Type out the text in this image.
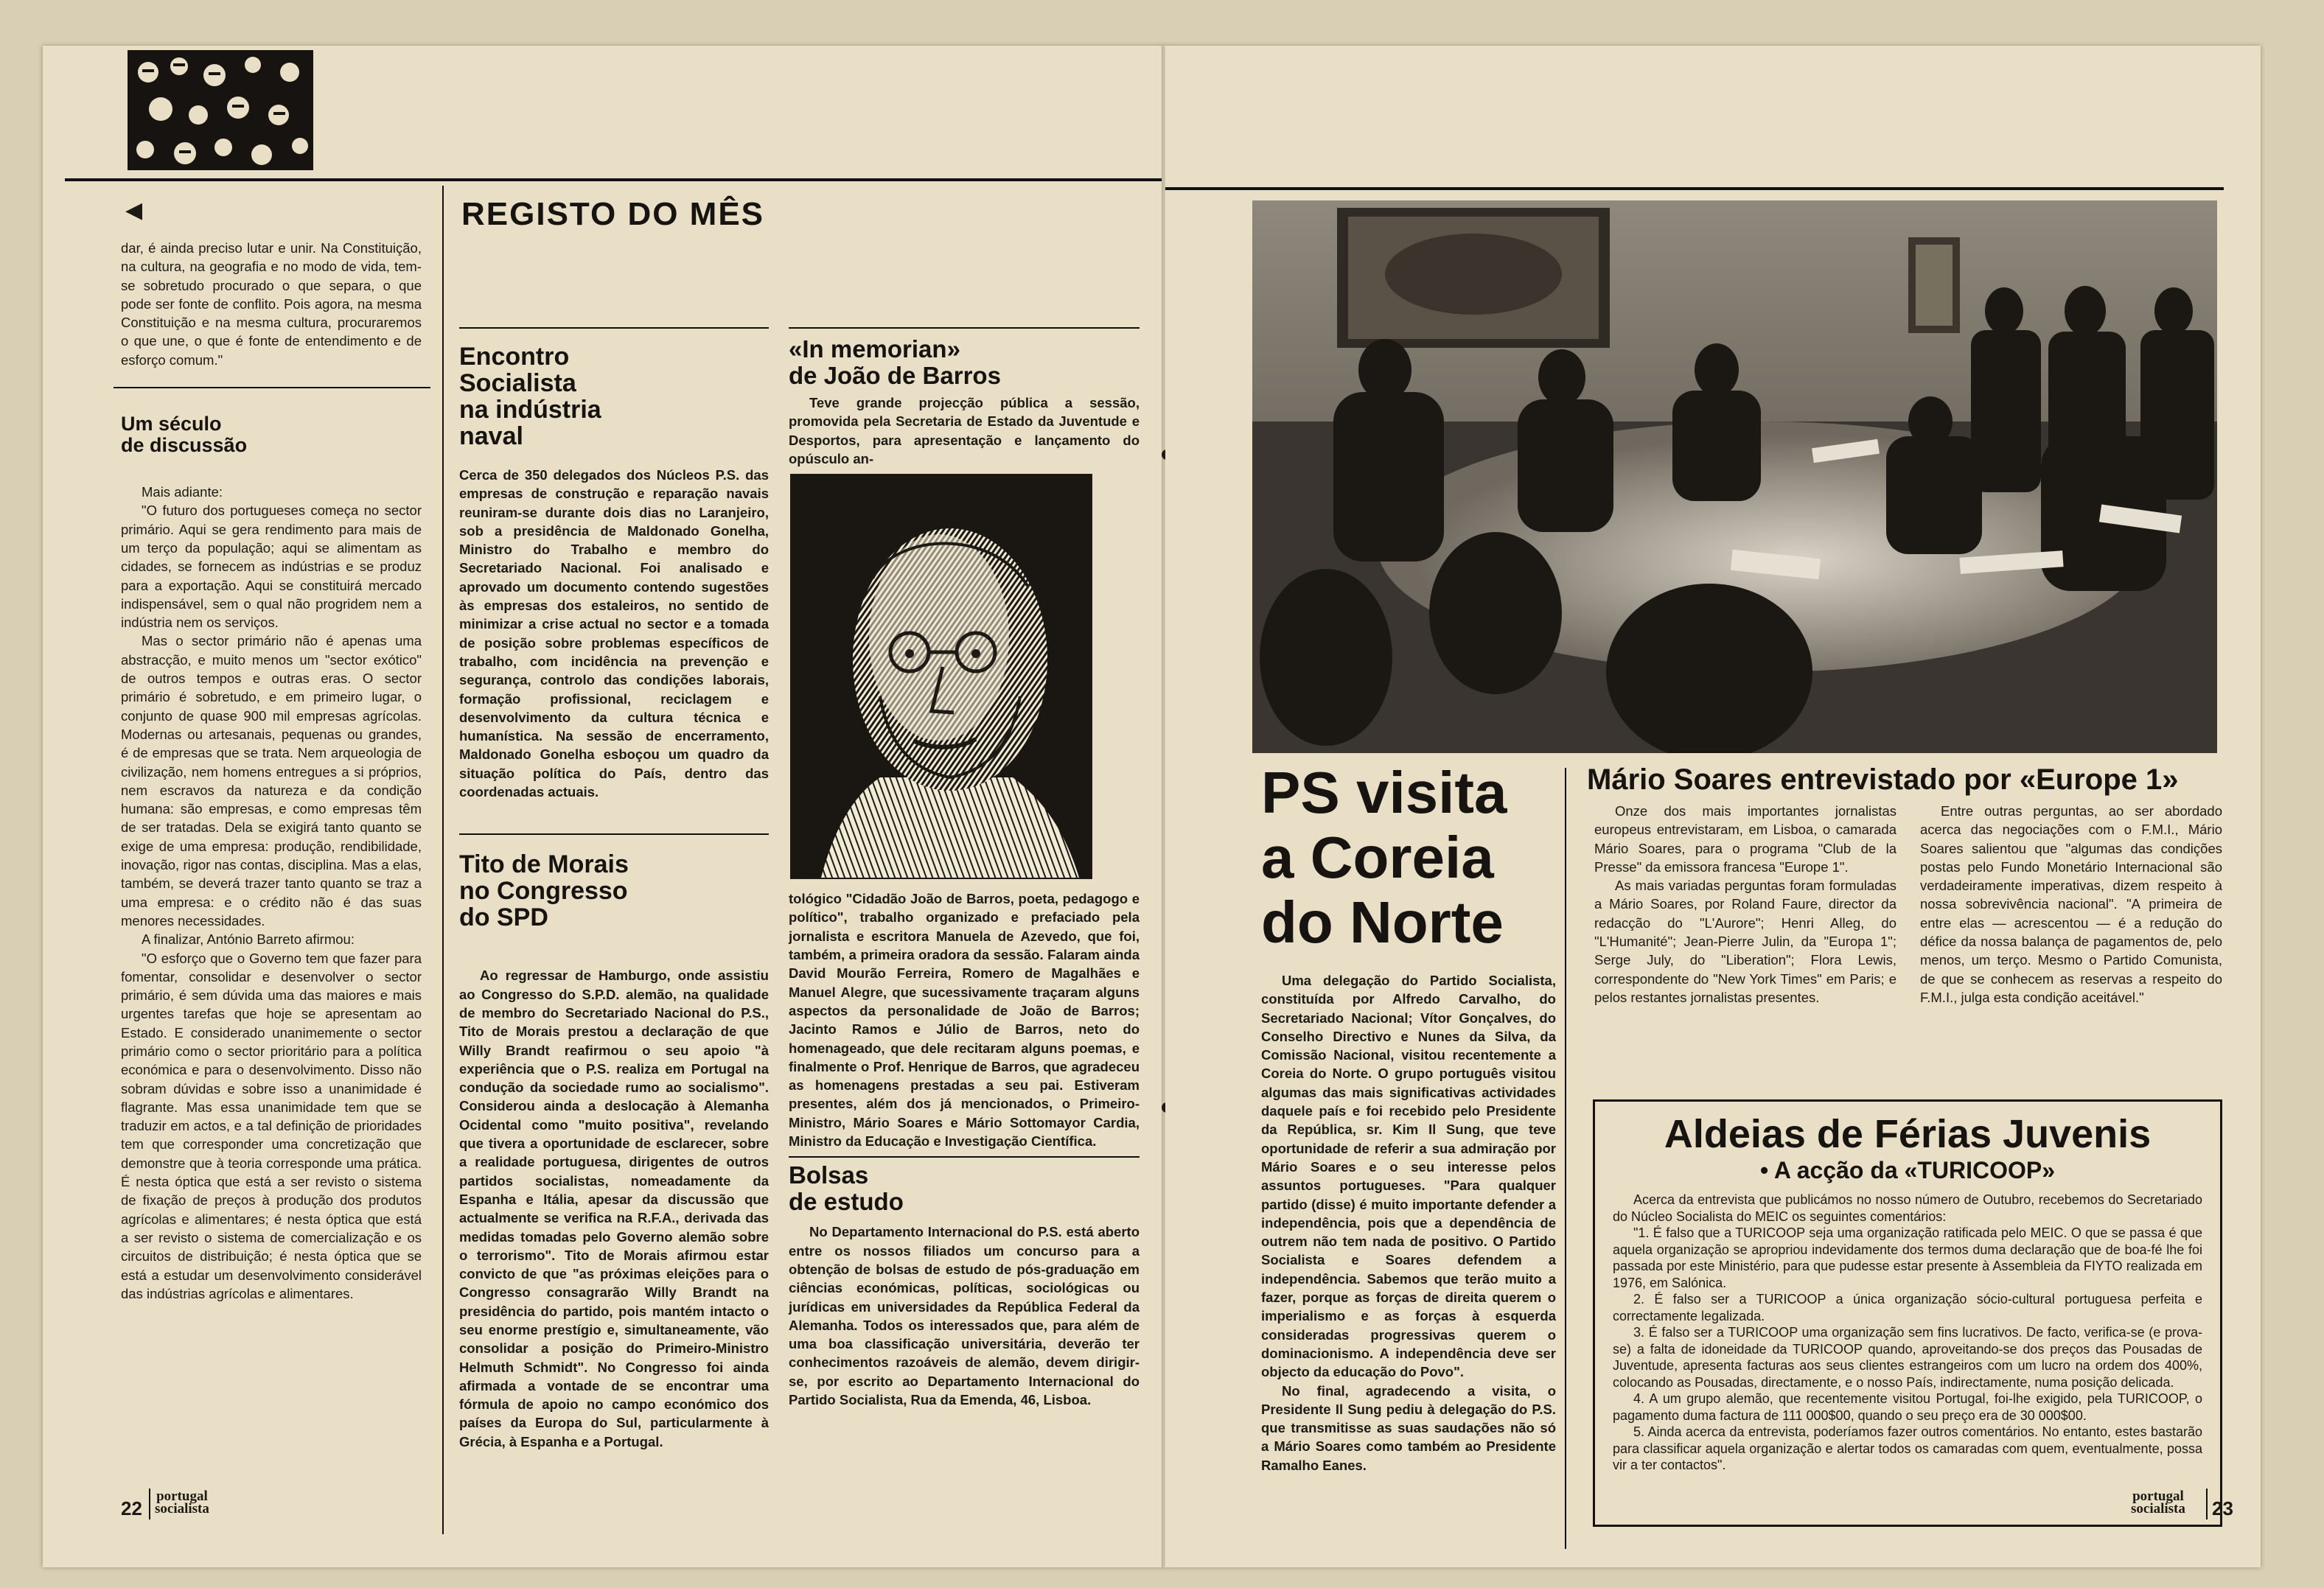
◀	REGISTO DO MÊS

dar, é ainda preciso lutar e unir. Na Constituição, na cultura, na geografia e no modo de vida, tem-se sobretudo procurado o que separa, o que pode ser fonte de conflito. Pois agora, na mesma Constituição e na mesma cultura, procuraremos o que une, o que é fonte de entendimento e de esforço comum."

Um século
de discussão

Mais adiante:

"O futuro dos portugueses começa no sector primário. Aqui se gera rendimento para mais de um terço da população; aqui se alimentam as cidades, se fornecem as indústrias e se produz para a exportação. Aqui se constituirá mercado indispensável, sem o qual não progridem nem a indústria nem os serviços.

Mas o sector primário não é apenas uma abstracção, e muito menos um "sector exótico" de outros tempos e outras eras. O sector primário é sobretudo, e em primeiro lugar, o conjunto de quase 900 mil empresas agrícolas. Modernas ou artesanais, pequenas ou grandes, é de empresas que se trata. Nem arqueologia de civilização, nem homens entregues a si próprios, nem escravos da natureza e da condição humana: são empresas, e como empresas têm de ser tratadas. Dela se exigirá tanto quanto se exige de uma empresa: produção, rendibilidade, inovação, rigor nas contas, disciplina. Mas a elas, também, se deverá trazer tanto quanto se traz a uma empresa: e o crédito não é das suas menores necessidades.

A finalizar, António Barreto afirmou:

"O esforço que o Governo tem que fazer para fomentar, consolidar e desenvolver o sector primário, é sem dúvida uma das maiores e mais urgentes tarefas que hoje se apresentam ao Estado. E considerado unanimemente o sector primário como o sector prioritário para a política económica e para o desenvolvimento. Disso não sobram dúvidas e sobre isso a unanimidade é flagrante. Mas essa unanimidade tem que se traduzir em actos, e a tal definição de prioridades tem que corresponder uma concretização que demonstre que à teoria corresponde uma prática. É nesta óptica que está a ser revisto o sistema de fixação de preços à produção dos produtos agrícolas e alimentares; é nesta óptica que está a ser revisto o sistema de comercialização e os circuitos de distribuição; é nesta óptica que se está a estudar um desenvolvimento considerável das indústrias agrícolas e alimentares.

Encontro
Socialista
na indústria
naval

Cerca de 350 delegados dos Núcleos P.S. das empresas de construção e reparação navais reuniram-se durante dois dias no Laranjeiro, sob a presidência de Maldonado Gonelha, Ministro do Trabalho e membro do Secretariado Nacional. Foi analisado e aprovado um documento contendo sugestões às empresas dos estaleiros, no sentido de minimizar a crise actual no sector e a tomada de posição sobre problemas específicos de trabalho, com incidência na prevenção e segurança, controlo das condições laborais, formação profissional, reciclagem e desenvolvimento da cultura técnica e humanística. Na sessão de encerramento, Maldonado Gonelha esboçou um quadro da situação política do País, dentro das coordenadas actuais.

Tito de Morais
no Congresso
do SPD

Ao regressar de Hamburgo, onde assistiu ao Congresso do S.P.D. alemão, na qualidade de membro do Secretariado Nacional do P.S., Tito de Morais prestou a declaração de que Willy Brandt reafirmou o seu apoio "à experiência que o P.S. realiza em Portugal na condução da sociedade rumo ao socialismo". Considerou ainda a deslocação à Alemanha Ocidental como "muito positiva", revelando que tivera a oportunidade de esclarecer, sobre a realidade portuguesa, dirigentes de outros partidos socialistas, nomeadamente da Espanha e Itália, apesar da discussão que actualmente se verifica na R.F.A., derivada das medidas tomadas pelo Governo alemão sobre o terrorismo". Tito de Morais afirmou estar convicto de que "as próximas eleições para o Congresso consagrarão Willy Brandt na presidência do partido, pois mantém intacto o seu enorme prestígio e, simultaneamente, vão consolidar a posição do Primeiro-Ministro Helmuth Schmidt". No Congresso foi ainda afirmada a vontade de se encontrar uma fórmula de apoio no campo económico dos países da Europa do Sul, particularmente à Grécia, à Espanha e a Portugal.

«In memorian»
de João de Barros

Teve grande projecção pública a sessão, promovida pela Secretaria de Estado da Juventude e Desportos, para apresentação e lançamento do opúsculo an-

tológico "Cidadão João de Barros, poeta, pedagogo e político", trabalho organizado e prefaciado pela jornalista e escritora Manuela de Azevedo, que foi, também, a primeira oradora da sessão. Falaram ainda David Mourão Ferreira, Romero de Magalhães e Manuel Alegre, que sucessivamente traçaram alguns aspectos da personalidade de João de Barros; Jacinto Ramos e Júlio de Barros, neto do homenageado, que dele recitaram alguns poemas, e finalmente o Prof. Henrique de Barros, que agradeceu as homenagens prestadas a seu pai. Estiveram presentes, além dos já mencionados, o Primeiro-Ministro, Mário Soares e Mário Sottomayor Cardia, Ministro da Educação e Investigação Científica.

Bolsas
de estudo

No Departamento Internacional do P.S. está aberto entre os nossos filiados um concurso para a obtenção de bolsas de estudo de pós-graduação em ciências económicas, políticas, sociológicas ou jurídicas em universidades da República Federal da Alemanha. Todos os interessados que, para além de uma boa classificação universitária, deverão ter conhecimentos razoáveis de alemão, devem dirigir-se, por escrito ao Departamento Internacional do Partido Socialista, Rua da Emenda, 46, Lisboa.

22
portugal
socialista
PS visita
a Coreia
do Norte

Uma delegação do Partido Socialista, constituída por Alfredo Carvalho, do Secretariado Nacional; Vítor Gonçalves, do Conselho Directivo e Nunes da Silva, da Comissão Nacional, visitou recentemente a Coreia do Norte. O grupo português visitou algumas das mais significativas actividades daquele país e foi recebido pelo Presidente da República, sr. Kim Il Sung, que teve oportunidade de referir a sua admiração por Mário Soares e o seu interesse pelos assuntos portugueses. "Para qualquer partido (disse) é muito importante defender a independência, pois que a dependência de outrem não tem nada de positivo. O Partido Socialista e Soares defendem a independência. Sabemos que terão muito a fazer, porque as forças de direita querem o imperialismo e as forças à esquerda consideradas progressivas querem o dominacionismo. A independência deve ser objecto da educação do Povo".

No final, agradecendo a visita, o Presidente Il Sung pediu à delegação do P.S. que transmitisse as suas saudações não só a Mário Soares como também ao Presidente Ramalho Eanes.

Mário Soares entrevistado por «Europe 1»

Onze dos mais importantes jornalistas europeus entrevistaram, em Lisboa, o camarada Mário Soares, para o programa "Club de la Presse" da emissora francesa "Europe 1".

As mais variadas perguntas foram formuladas a Mário Soares, por Roland Faure, director da redacção do "L'Aurore"; Henri Alleg, do "L'Humanité"; Jean-Pierre Julin, da "Europa 1"; Serge July, do "Liberation"; Flora Lewis, correspondente do "New York Times" em Paris; e pelos restantes jornalistas presentes.

Entre outras perguntas, ao ser abordado acerca das negociações com o F.M.I., Mário Soares salientou que "algumas das condições postas pelo Fundo Monetário Internacional são verdadeiramente imperativas, dizem respeito à nossa sobrevivência nacional". "A primeira de entre elas — acrescentou — é a redução do défice da nossa balança de pagamentos de, pelo menos, um terço. Mesmo o Partido Comunista, de que se conhecem as reservas a respeito do F.M.I., julga esta condição aceitável."

Aldeias de Férias Juvenis
• A acção da «TURICOOP»

Acerca da entrevista que publicámos no nosso número de Outubro, recebemos do Secretariado do Núcleo Socialista do MEIC os seguintes comentários:

"1. É falso que a TURICOOP seja uma organização ratificada pelo MEIC. O que se passa é que aquela organização se apropriou indevidamente dos termos duma declaração que de boa-fé lhe foi passada por este Ministério, para que pudesse estar presente à Assembleia da FIYTO realizada em 1976, em Salónica.

2. É falso ser a TURICOOP a única organização sócio-cultural portuguesa perfeita e correctamente legalizada.

3. É falso ser a TURICOOP uma organização sem fins lucrativos. De facto, verifica-se (e prova-se) a falta de idoneidade da TURICOOP quando, aproveitando-se dos preços das Pousadas de Juventude, apresenta facturas aos seus clientes estrangeiros com um lucro na ordem dos 400%, colocando as Pousadas, directamente, e o nosso País, indirectamente, numa posição delicada.

4. A um grupo alemão, que recentemente visitou Portugal, foi-lhe exigido, pela TURICOOP, o pagamento duma factura de 111 000$00, quando o seu preço era de 30 000$00.

5. Ainda acerca da entrevista, poderíamos fazer outros comentários. No entanto, estes bastarão para classificar aquela organização e alertar todos os camaradas com quem, eventualmente, possa vir a ter contactos".

portugal
socialista 23
